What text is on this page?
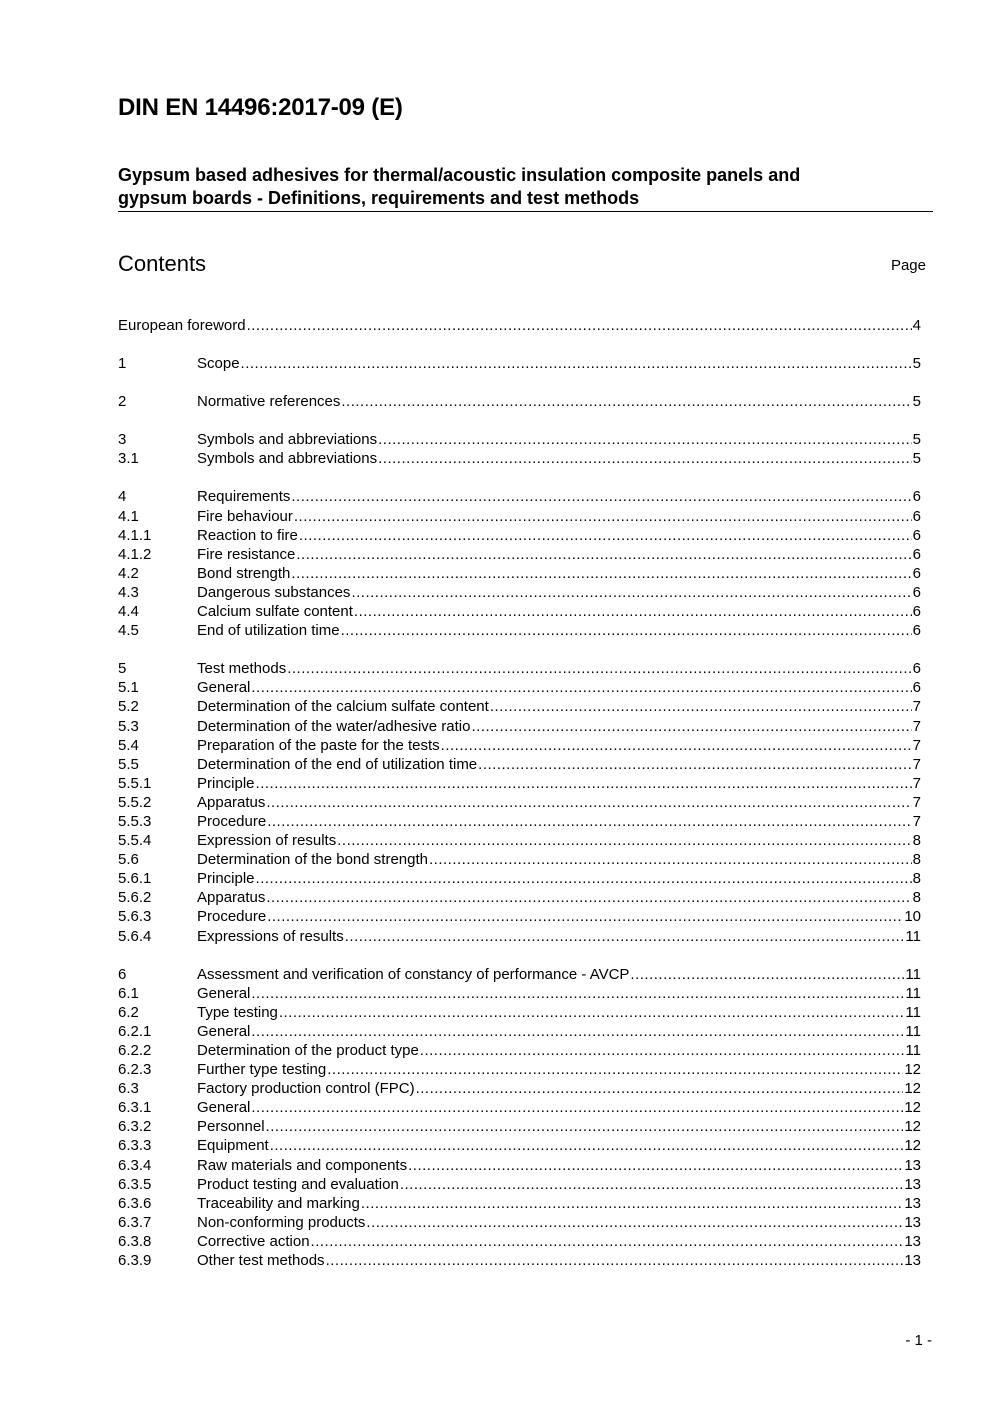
DIN EN 14496:2017-09 (E)
Gypsum based adhesives for thermal/acoustic insulation composite panels and
gypsum boards - Definitions, requirements and test methods
Contents	Page
European foreword .....	4
1	Scope .....	5
2	Normative references .....	5
3	Symbols and abbreviations .....	5
3.1	Symbols and abbreviations .....	5
4	Requirements .....	6
4.1	Fire behaviour .....	6
4.1.1	Reaction to fire .....	6
4.1.2	Fire resistance .....	6
4.2	Bond strength .....	6
4.3	Dangerous substances .....	6
4.4	Calcium sulfate content .....	6
4.5	End of utilization time .....	6
5	Test methods .....	6
5.1	General .....	6
5.2	Determination of the calcium sulfate content .....	7
5.3	Determination of the water/adhesive ratio .....	7
5.4	Preparation of the paste for the tests .....	7
5.5	Determination of the end of utilization time .....	7
5.5.1	Principle .....	7
5.5.2	Apparatus .....	7
5.5.3	Procedure .....	7
5.5.4	Expression of results .....	8
5.6	Determination of the bond strength .....	8
5.6.1	Principle .....	8
5.6.2	Apparatus .....	8
5.6.3	Procedure .....	10
5.6.4	Expressions of results .....	11
6	Assessment and verification of constancy of performance - AVCP .....	11
6.1	General .....	11
6.2	Type testing .....	11
6.2.1	General .....	11
6.2.2	Determination of the product type .....	11
6.2.3	Further type testing .....	12
6.3	Factory production control (FPC) .....	12
6.3.1	General .....	12
6.3.2	Personnel .....	12
6.3.3	Equipment .....	12
6.3.4	Raw materials and components .....	13
6.3.5	Product testing and evaluation .....	13
6.3.6	Traceability and marking .....	13
6.3.7	Non-conforming products .....	13
6.3.8	Corrective action .....	13
6.3.9	Other test methods .....	13
- 1 -
